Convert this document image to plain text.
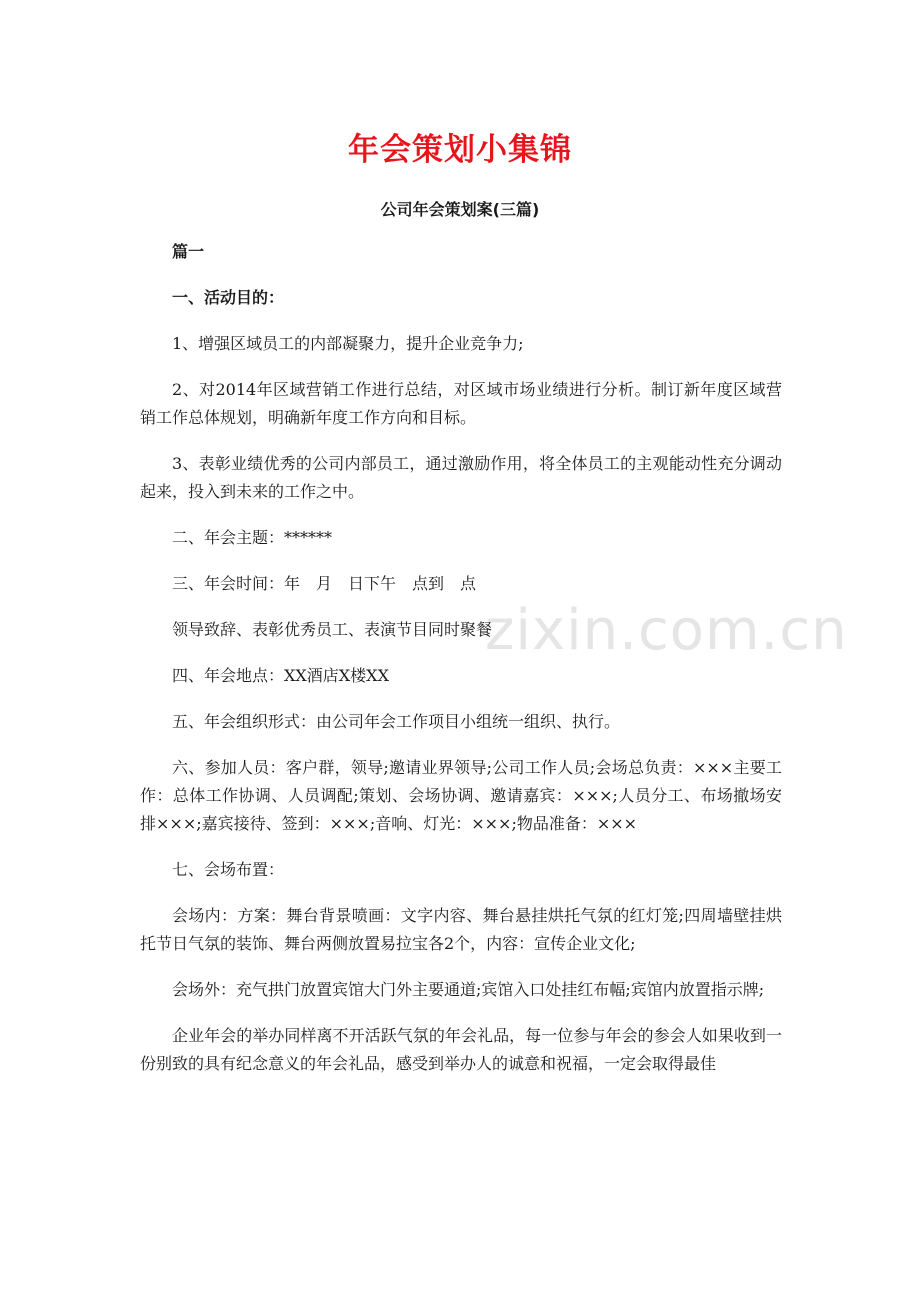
年会策划小集锦
公司年会策划案(三篇)

篇一

一、活动目的：

1、增强区域员工的内部凝聚力，提升企业竞争力;

2、对2014年区域营销工作进行总结，对区域市场业绩进行分析。制订新年度区域营销工作总体规划，明确新年度工作方向和目标。

3、表彰业绩优秀的公司内部员工，通过激励作用，将全体员工的主观能动性充分调动起来，投入到未来的工作之中。

二、年会主题：******

三、年会时间：年　月　日下午　点到　点

领导致辞、表彰优秀员工、表演节目同时聚餐

四、年会地点：XX酒店X楼XX

五、年会组织形式：由公司年会工作项目小组统一组织、执行。

六、参加人员：客户群，领导;邀请业界领导;公司工作人员;会场总负责：×××主要工作：总体工作协调、人员调配;策划、会场协调、邀请嘉宾：×××;人员分工、布场撤场安排×××;嘉宾接待、签到：×××;音响、灯光：×××;物品准备：×××

七、会场布置：

会场内：方案：舞台背景喷画：文字内容、舞台悬挂烘托气氛的红灯笼;四周墙壁挂烘托节日气氛的装饰、舞台两侧放置易拉宝各2个，内容：宣传企业文化;

会场外：充气拱门放置宾馆大门外主要通道;宾馆入口处挂红布幅;宾馆内放置指示牌;

企业年会的举办同样离不开活跃气氛的年会礼品，每一位参与年会的参会人如果收到一份别致的具有纪念意义的年会礼品，感受到举办人的诚意和祝福，一定会取得最佳

zixin.com.cn
